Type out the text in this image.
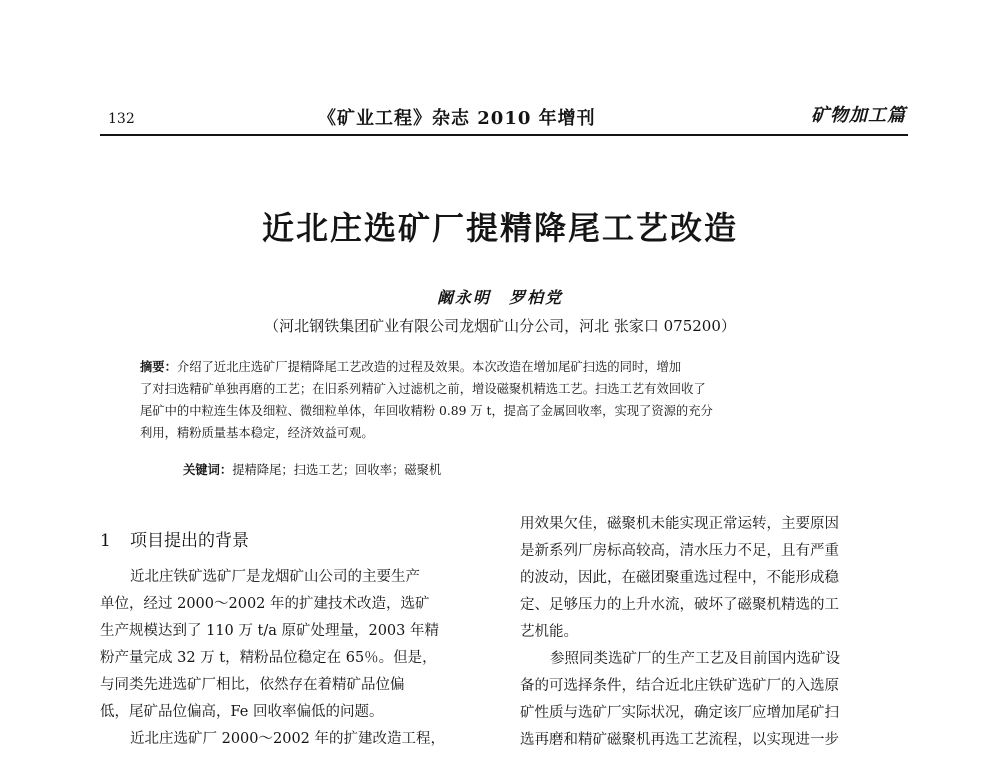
132	《矿业工程》杂志 2010 年增刊	矿物加工篇
近北庄选矿厂提精降尾工艺改造
阚永明　罗柏党
（河北钢铁集团矿业有限公司龙烟矿山分公司，河北 张家口 075200）
摘要：介绍了近北庄选矿厂提精降尾工艺改造的过程及效果。本次改造在增加尾矿扫选的同时，增加
了对扫选精矿单独再磨的工艺；在旧系列精矿入过滤机之前，增设磁聚机精选工艺。扫选工艺有效回收了
尾矿中的中粒连生体及细粒、微细粒单体，年回收精粉 0.89 万 t，提高了金属回收率，实现了资源的充分
利用，精粉质量基本稳定，经济效益可观。
关键词：提精降尾；扫选工艺；回收率；磁聚机
1 项目提出的背景
近北庄铁矿选矿厂是龙烟矿山公司的主要生产
单位，经过 2000～2002 年的扩建技术改造，选矿
生产规模达到了 110 万 t/a 原矿处理量，2003 年精
粉产量完成 32 万 t，精粉品位稳定在 65％。但是，
与同类先进选矿厂相比，依然存在着精矿品位偏
低，尾矿品位偏高，Fe 回收率偏低的问题。
近北庄选矿厂 2000～2002 年的扩建改造工程，
用效果欠佳，磁聚机未能实现正常运转，主要原因
是新系列厂房标高较高，清水压力不足，且有严重
的波动，因此，在磁团聚重选过程中，不能形成稳
定、足够压力的上升水流，破坏了磁聚机精选的工
艺机能。
参照同类选矿厂的生产工艺及目前国内选矿设
备的可选择条件，结合近北庄铁矿选矿厂的入选原
矿性质与选矿厂实际状况，确定该厂应增加尾矿扫
选再磨和精矿磁聚机再选工艺流程，以实现进一步
